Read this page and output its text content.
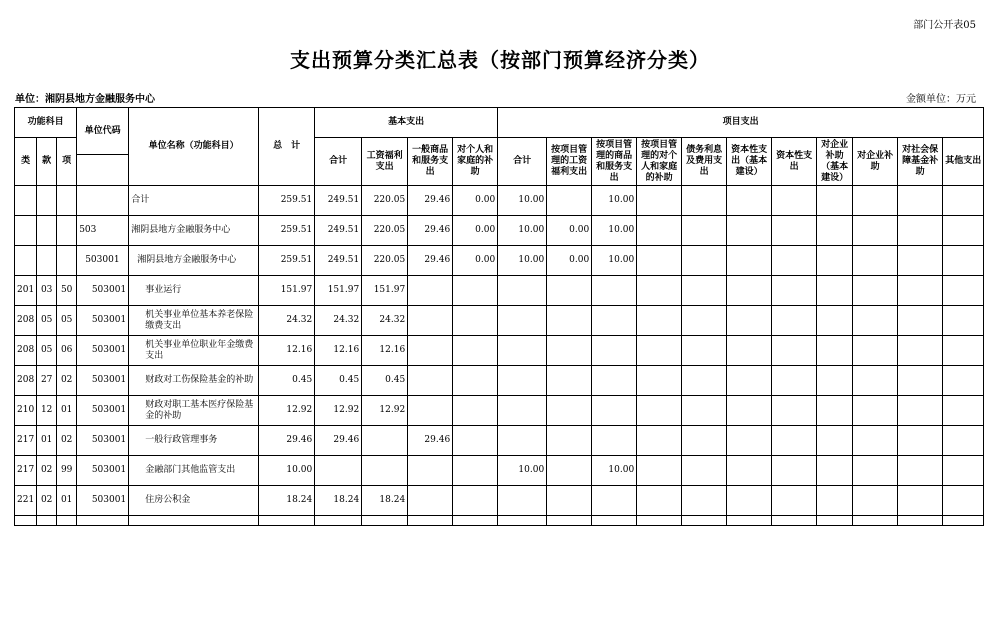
部门公开表05
支出预算分类汇总表（按部门预算经济分类）
单位：湘阴县地方金融服务中心	金额单位：万元
功能科目			单位代码	单位名称（功能科目）	总　计	基本支出				项目支出										
类	款	项				合计	工资福利支出	一般商品和服务支出	对个人和家庭的补助	合计	按项目管理的工资福利支出	按项目管理的商品和服务支出	按项目管理的对个人和家庭的补助	债务利息及费用支出	资本性支出（基本建设）	资本性支出	对企业补助（基本建设）	对企业补助	对社会保障基金补助	其他支出

				合计	259.51	249.51	220.05	29.46	0.00	10.00		10.00								
			503	湘阴县地方金融服务中心	259.51	249.51	220.05	29.46	0.00	10.00	0.00	10.00								
			503001	湘阴县地方金融服务中心	259.51	249.51	220.05	29.46	0.00	10.00	0.00	10.00								
201	03	50	503001	事业运行	151.97	151.97	151.97													
208	05	05	503001	机关事业单位基本养老保险缴费支出	24.32	24.32	24.32													
208	05	06	503001	机关事业单位职业年金缴费支出	12.16	12.16	12.16													
208	27	02	503001	财政对工伤保险基金的补助	0.45	0.45	0.45													
210	12	01	503001	财政对职工基本医疗保险基金的补助	12.92	12.92	12.92													
217	01	02	503001	一般行政管理事务	29.46	29.46		29.46												
217	02	99	503001	金融部门其他监管支出	10.00					10.00		10.00								
221	02	01	503001	住房公积金	18.24	18.24	18.24													
